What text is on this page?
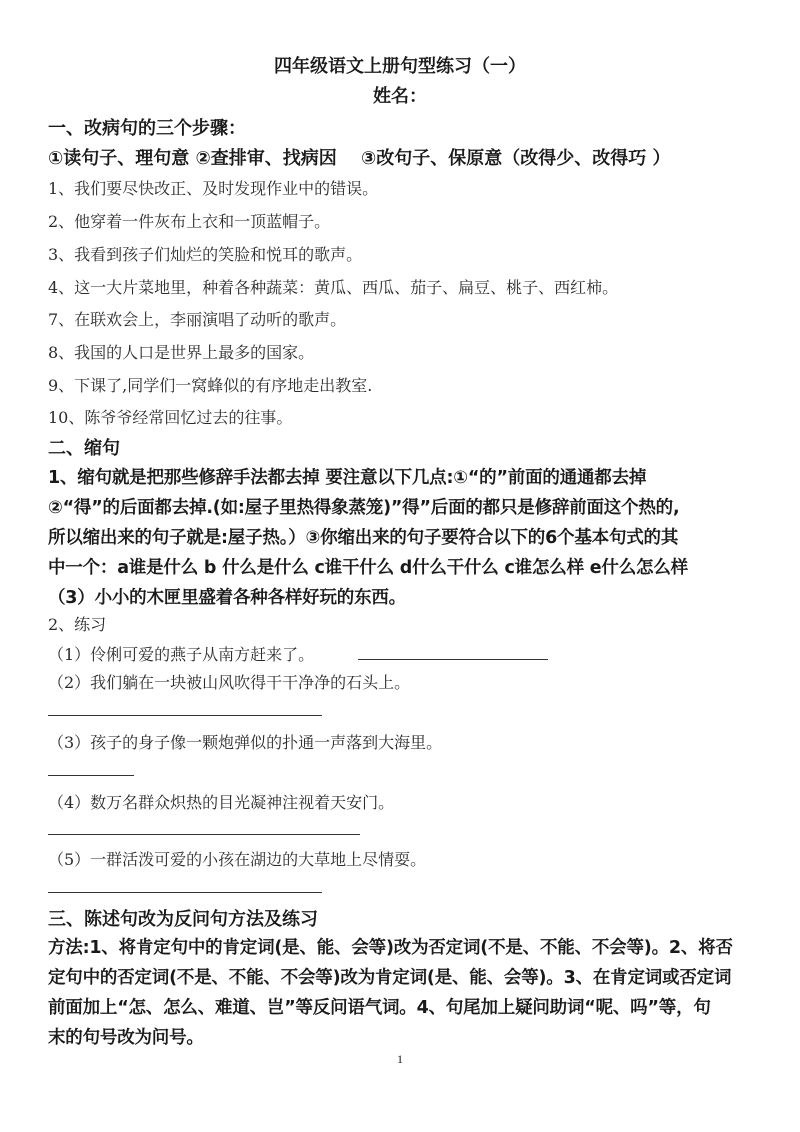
四年级语文上册句型练习（一）
姓名：
一、改病句的三个步骤：
①读句子、理句意 ②查排审、找病因　 ③改句子、保原意（改得少、改得巧 ）
1、我们要尽快改正、及时发现作业中的错误。
2、他穿着一件灰布上衣和一顶蓝帽子。
3、我看到孩子们灿烂的笑脸和悦耳的歌声。
4、这一大片菜地里，种着各种蔬菜：黄瓜、西瓜、茄子、扁豆、桃子、西红柿。
7、在联欢会上，李丽演唱了动听的歌声。
8、我国的人口是世界上最多的国家。
9、下课了,同学们一窝蜂似的有序地走出教室.
10、陈爷爷经常回忆过去的往事。
二、缩句
1、缩句就是把那些修辞手法都去掉 要注意以下几点:①“的”前面的通通都去掉
②“得”的后面都去掉.(如:屋子里热得象蒸笼)”得”后面的都只是修辞前面这个热的,
所以缩出来的句子就是:屋子热。）③你缩出来的句子要符合以下的6个基本句式的其
中一个：a谁是什么 b 什么是什么 c谁干什么 d什么干什么 c谁怎么样 e什么怎么样
（3）小小的木匣里盛着各种各样好玩的东西。
2、练习
（1）伶俐可爱的燕子从南方赶来了。
（2）我们躺在一块被山风吹得干干净净的石头上。
（3）孩子的身子像一颗炮弹似的扑通一声落到大海里。
（4）数万名群众炽热的目光凝神注视着天安门。
（5）一群活泼可爱的小孩在湖边的大草地上尽情耍。
三、陈述句改为反问句方法及练习
方法:1、将肯定句中的肯定词(是、能、会等)改为否定词(不是、不能、不会等)。2、将否
定句中的否定词(不是、不能、不会等)改为肯定词(是、能、会等)。3、在肯定词或否定词
前面加上“怎、怎么、难道、岂”等反问语气词。4、句尾加上疑问助词“呢、吗”等，句
末的句号改为问号。
1
